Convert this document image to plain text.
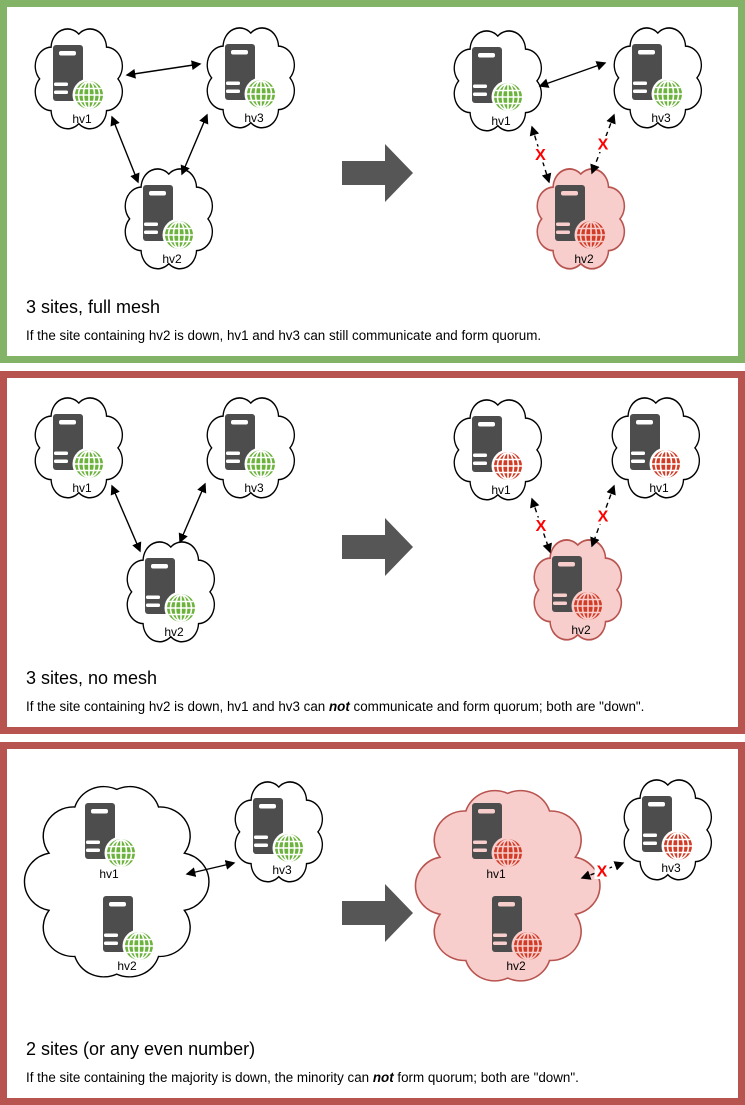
hv1	hv3
hv2
X
X
hv1	hv3
hv2
3 sites, full mesh
If the site containing hv2 is down, hv1 and hv3 can still communicate and form quorum.
hv1	hv3
hv2
X
X
hv1	hv1
hv2
3 sites, no mesh
If the site containing hv2 is down, hv1 and hv3 can not communicate and form quorum; both are "down".
hv1
hv2
hv3	X
hv1
hv2
hv3
2 sites (or any even number)
If the site containing the majority is down, the minority can not form quorum; both are "down".
